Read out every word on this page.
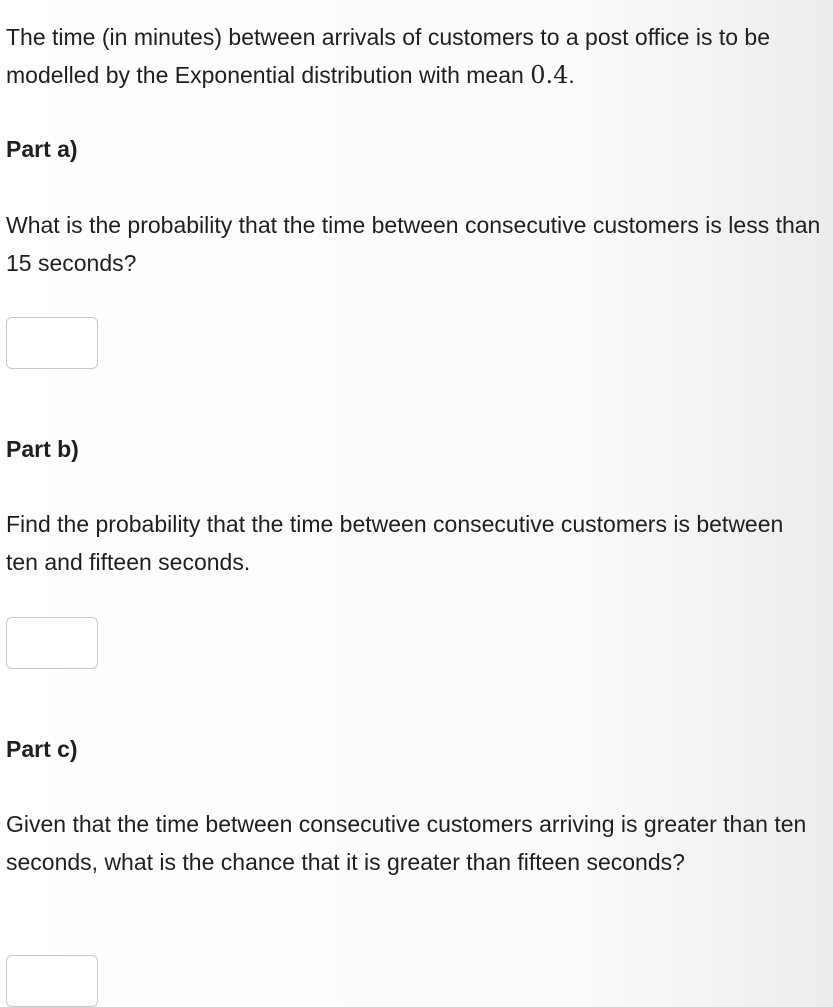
The time (in minutes) between arrivals of customers to a post office is to be modelled by the Exponential distribution with mean 0.4.

Part a)

What is the probability that the time between consecutive customers is less than 15 seconds?

Part b)

Find the probability that the time between consecutive customers is between ten and fifteen seconds.

Part c)

Given that the time between consecutive customers arriving is greater than ten seconds, what is the chance that it is greater than fifteen seconds?
